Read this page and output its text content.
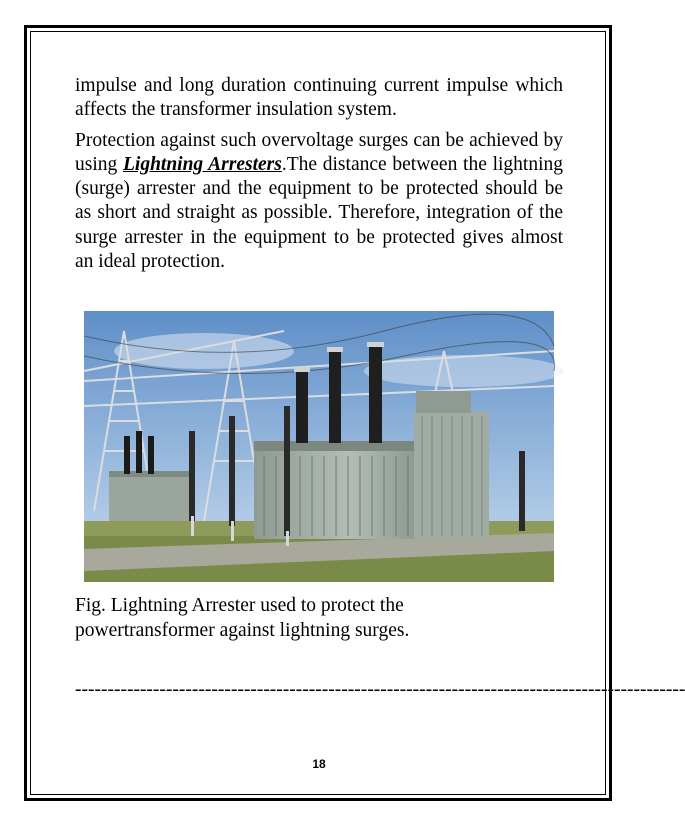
impulse and long duration continuing current impulse which affects the transformer insulation system.

Protection against such overvoltage surges can be achieved by using Lightning Arresters.The distance between the lightning (surge) arrester and the equipment to be protected should be as short and straight as possible. Therefore, integration of the surge arrester in the equipment to be protected gives almost an ideal protection.

Fig. Lightning Arrester used to protect the
powertransformer against lightning surges.
----------------------------------------------------------------------------------------------
18
